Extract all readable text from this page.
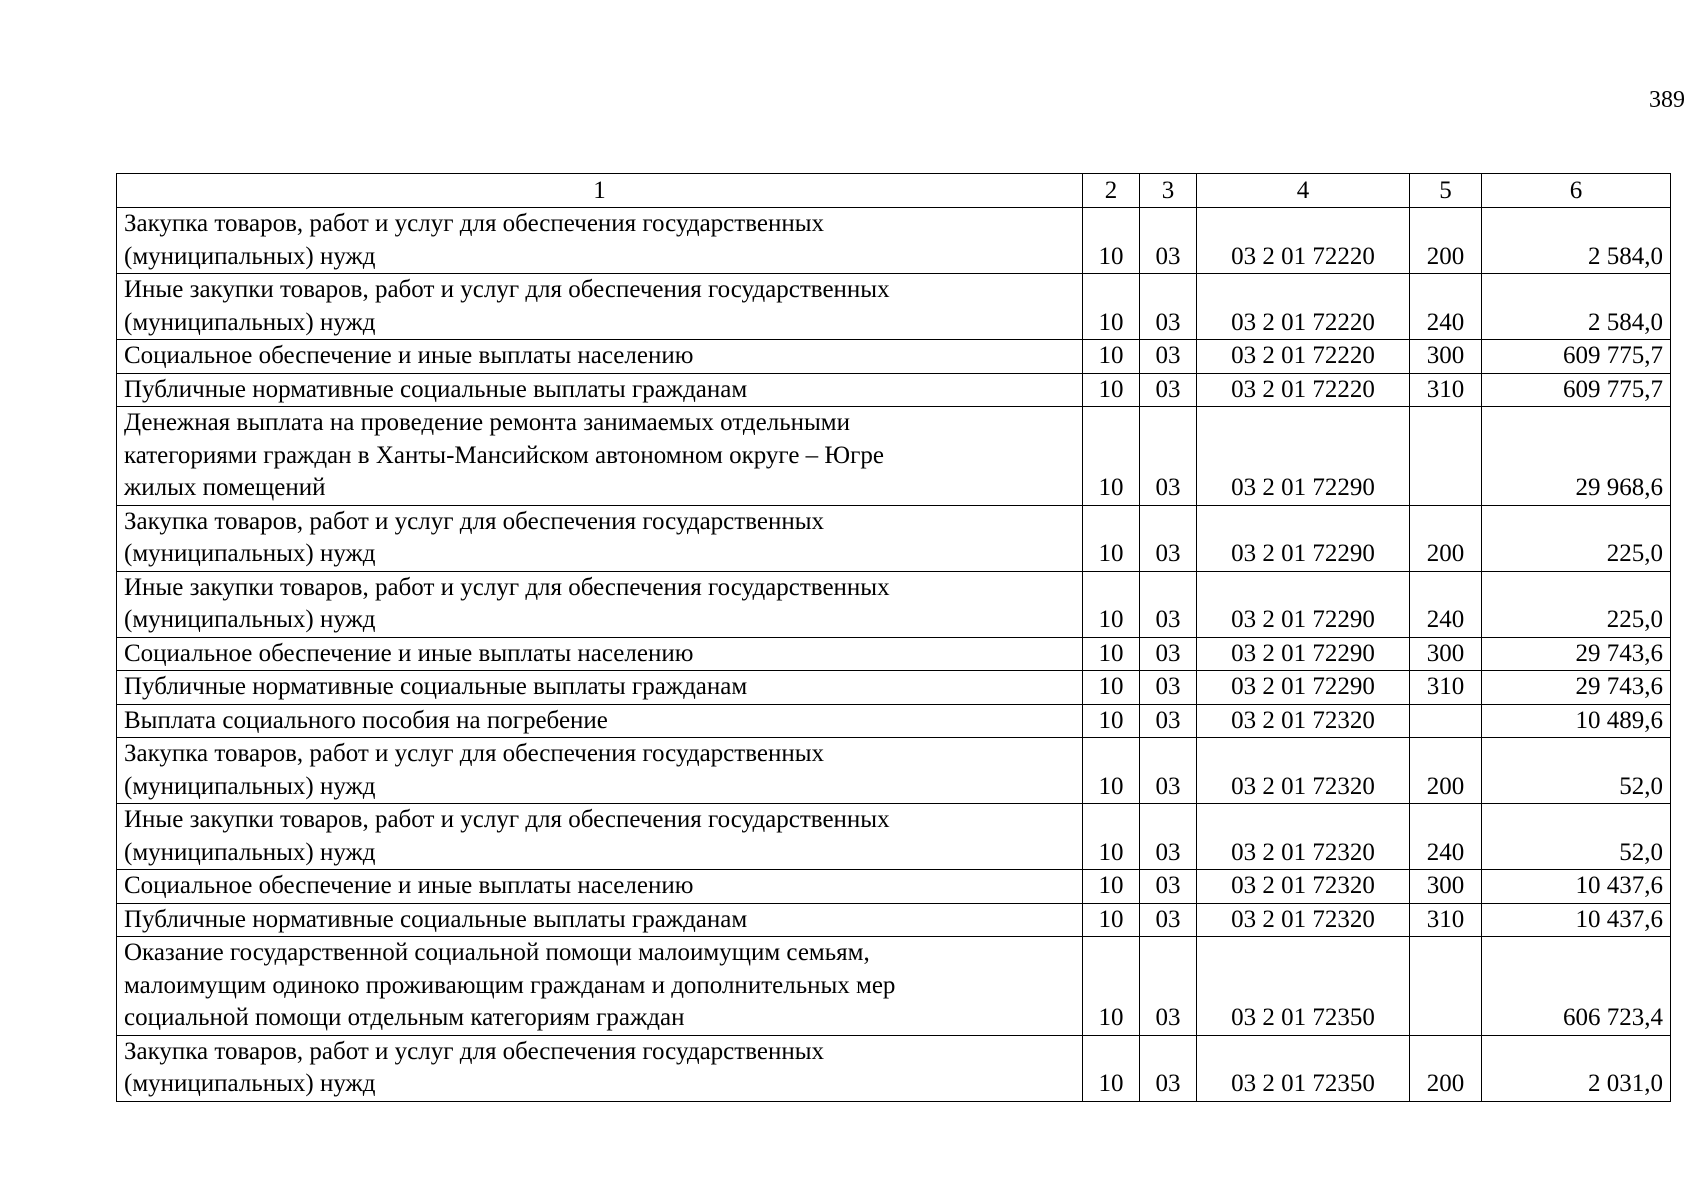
389
1	2	3	4	5	6
Закупка товаров, работ и услуг для обеспечения государственных
(муниципальных) нужд	10	03	03 2 01 72220	200	2 584,0
Иные закупки товаров, работ и услуг для обеспечения государственных
(муниципальных) нужд	10	03	03 2 01 72220	240	2 584,0
Социальное обеспечение и иные выплаты населению	10	03	03 2 01 72220	300	609 775,7
Публичные нормативные социальные выплаты гражданам	10	03	03 2 01 72220	310	609 775,7
Денежная выплата на проведение ремонта занимаемых отдельными
категориями граждан в Ханты-Мансийском автономном округе – Югре
жилых помещений	10	03	03 2 01 72290		29 968,6
Закупка товаров, работ и услуг для обеспечения государственных
(муниципальных) нужд	10	03	03 2 01 72290	200	225,0
Иные закупки товаров, работ и услуг для обеспечения государственных
(муниципальных) нужд	10	03	03 2 01 72290	240	225,0
Социальное обеспечение и иные выплаты населению	10	03	03 2 01 72290	300	29 743,6
Публичные нормативные социальные выплаты гражданам	10	03	03 2 01 72290	310	29 743,6
Выплата социального пособия на погребение	10	03	03 2 01 72320		10 489,6
Закупка товаров, работ и услуг для обеспечения государственных
(муниципальных) нужд	10	03	03 2 01 72320	200	52,0
Иные закупки товаров, работ и услуг для обеспечения государственных
(муниципальных) нужд	10	03	03 2 01 72320	240	52,0
Социальное обеспечение и иные выплаты населению	10	03	03 2 01 72320	300	10 437,6
Публичные нормативные социальные выплаты гражданам	10	03	03 2 01 72320	310	10 437,6
Оказание государственной социальной помощи малоимущим семьям,
малоимущим одиноко проживающим гражданам и дополнительных мер
социальной помощи отдельным категориям граждан	10	03	03 2 01 72350		606 723,4
Закупка товаров, работ и услуг для обеспечения государственных
(муниципальных) нужд	10	03	03 2 01 72350	200	2 031,0
